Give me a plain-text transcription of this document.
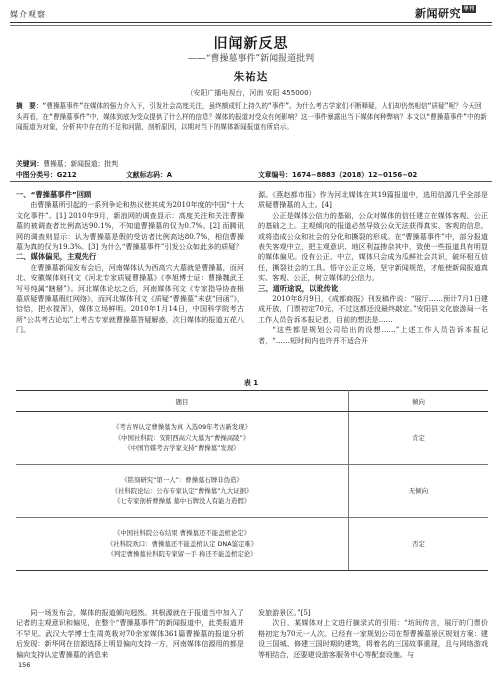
媒介观察	新闻研究 导刊
旧闻新反思
——“曹操墓事件”新闻报道批判
朱祐达
（安阳广播电视台，河南 安阳 455000）
摘　要：“曹操墓事件”在媒体的强力介入下，引发社会高度关注，虽终额成钉上持久的“事件”。为什么考古学家们不断释疑，人们却仍然相信“质疑”呢？今天回头再看，在“曹操墓事件”中，媒体到底为受众提供了什么样的信息？媒体的报道对受众有何影响？这一事件暴露出当下媒体何种弊病？本文以“曹操墓事件”中的新闻报道为对象，分析其中存在的不足和问题，剖析原因，以期对当下的媒体新闻报道有所启示。
关键词：曹操墓；新闻报道；批判
中图分类号：G212	文献标志码：A	文章编号：1674−8883（2018）12−0156−02
一、“曹操墓事件”回顾

由曹操墓所引起的一系列争论和热议使其成为2010年度的中国“十大文化事件”。[1] 2010年9月，新浪网的调查显示：高度关注和关注曹操墓的被调查者比例高达90.1%，不知道曹操墓的仅为0.7%。[2] 而腾讯网的调查则显示：认为曹操墓是假的受访者比例高达80.7%，相信曹操墓为真的仅为19.3%。[3] 为什么“曹操墓事件”引发公众如此多的质疑？

二、媒体偏见，主观先行

在曹操墓新闻发布会后，河南媒体认为西高穴大墓就是曹操墓，而河北、安徽媒体则刊文《河北专家质疑曹操墓》《李旭博士证：曹操魏武王写号纯属“瞎掰”》。河北媒体论坛之后，河南媒体刊文《专家指导协查根墓质疑曹操墓瑕红网络》，而河北媒体刊文《质疑“曹操墓”未获“回函”》，恰恰，把水搅浑》，媒体立场鲜明。2010年1月14日，中国科学院考古所“公共考古论坛”上考古专家就曹操墓答疑解惑，次日媒体的报道五花八门。

源。《燕赵都市报》作为河北媒体在其19篇报道中，选用信源几乎全部是质疑曹操墓的人士。[4]

公正是媒体公信力的基础，公众对媒体的信任建立在媒体客观、公正的基础之上。主观倾向的报道必然导致公众无法获得真实、客观的信息，或将造成公众和社会的分化和撕裂的形成。在“曹操墓事件”中，部分报道表失客观中立，把主观意识、地区利益掺杂其中，致使一些报道具有明显的媒体偏见。没有公正、中立，媒体只会成为瓜鲜社会共识，破坏相互信任，撕裂社会的工具。悟守公正立场，坚守新闻规范，才能使新闻报道真实、客观、公正，树立媒体的公信力。

三、道听途说，以讹传讹

2010年8月9日，《成都商报》刊发稿件说：“展厅……预计7月1日建成开放，门票初定70元，不过这都还没最终敲定。”安阳县文化旅游局一名工作人员告诉本报记者，目前的想法是……

“这些都是规划公司给出的设想……”上述工作人员告诉本报记者，“……短时间内也许并不适合开

表 1
题目	倾向

《考古界认定曹操墓为真 入选09年考古新发现》
《中国社科院：安阳西高穴大墓为“曹操高陵”》
《中国官媒考古学家支持“曹操墓”发现》	肯定

《铭刻研究“第一人”：曹操墓石牌非伪造》
《社科院论坛：公布专家认定“曹操墓”九大证据》
《七专家剖析曹操墓 墓中石牌没人有能力造假》	无倾向

《中国社科院公布结果 曹操墓还不能盖棺论定》
《社科院欢口：曹操墓还不能盖棺认定 DNA鉴定难》
《判定曹操墓社科院专家留一手 称还不能盖棺定论》	否定

同一场发布会，媒体的报道倾向迥然。其根源就在于报道当中加入了记者的主观意识和偏见，在整个“曹操墓事件”的新闻报道中，此类报道并不罕见。武汉大学博士生周英栽对70余家媒体361篇曹操墓的报道分析后发现：新华网在信源选择上明显偏向支持一方，河南媒体信源用的都是偏向支持认定曹操墓的消息来

发旅游景区。”[5]

次日，某媒体对上文进行摘录式的引用：“坊间传言，展厅的门票价格初定为70元一人次。已经有一家规划公司在帮曹操墓景区规划方案：建设三国城、修建三国时期的建筑，将着名的三国故事重现，且与网络游戏等相结合，还要建设游客服务中心等配套设施。与

156
